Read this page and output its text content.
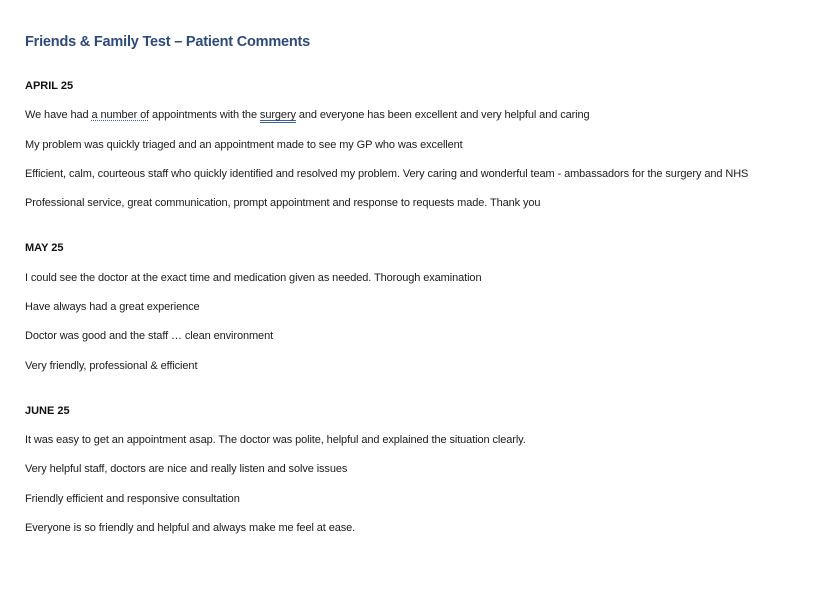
Friends & Family Test – Patient Comments
APRIL 25
We have had a number of appointments with the surgery and everyone has been excellent and very helpful and caring
My problem was quickly triaged and an appointment made to see my GP who was excellent
Efficient, calm, courteous staff who quickly identified and resolved my problem. Very caring and wonderful team - ambassadors for the surgery and NHS
Professional service, great communication, prompt appointment and response to requests made. Thank you
MAY 25
I could see the doctor at the exact time and medication given as needed. Thorough examination
Have always had a great experience
Doctor was good and the staff … clean environment
Very friendly, professional & efficient
JUNE 25
It was easy to get an appointment asap. The doctor was polite, helpful and explained the situation clearly.
Very helpful staff, doctors are nice and really listen and solve issues
Friendly efficient and responsive consultation
Everyone is so friendly and helpful and always make me feel at ease.
